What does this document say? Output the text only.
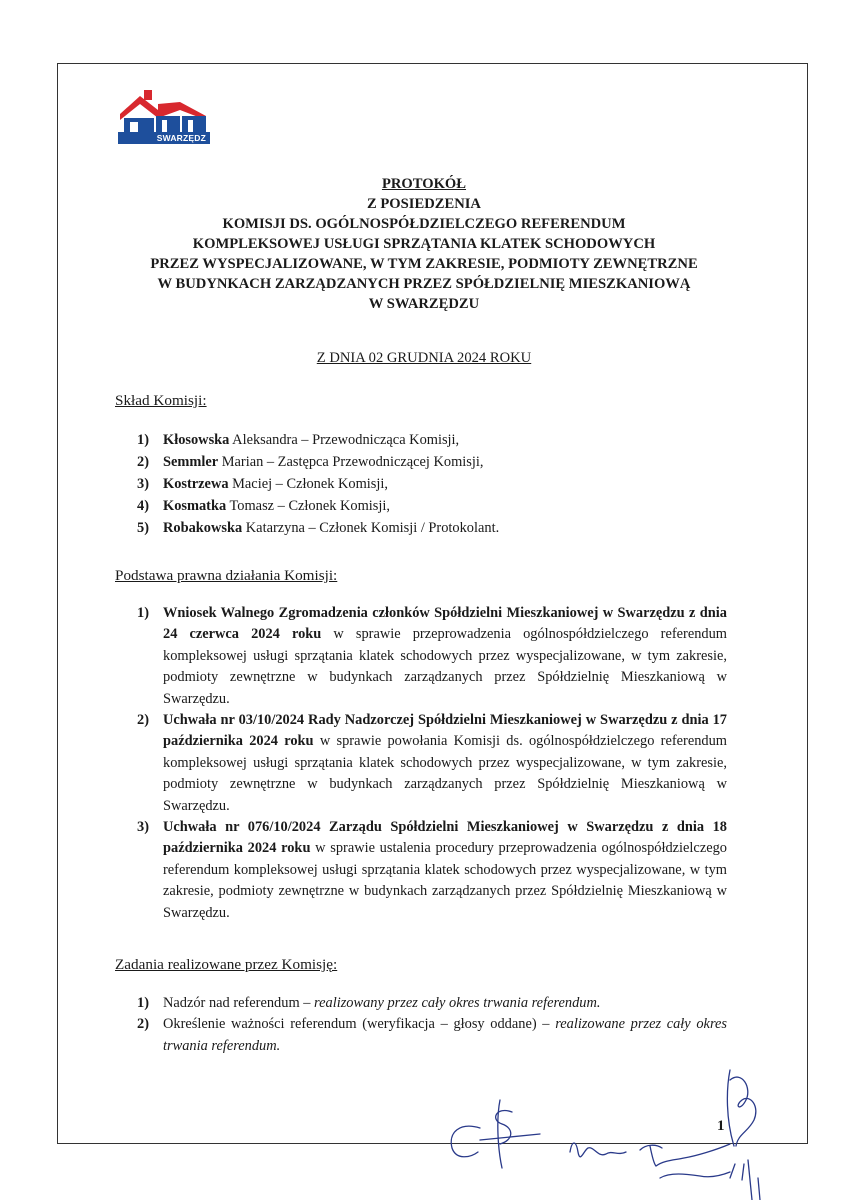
SWARZĘDZ
PROTOKÓŁ
Z POSIEDZENIA
KOMISJI DS. OGÓLNOSPÓŁDZIELCZEGO REFERENDUM
KOMPLEKSOWEJ USŁUGI SPRZĄTANIA KLATEK SCHODOWYCH
PRZEZ WYSPECJALIZOWANE, W TYM ZAKRESIE, PODMIOTY ZEWNĘTRZNE
W BUDYNKACH ZARZĄDZANYCH PRZEZ SPÓŁDZIELNIĘ MIESZKANIOWĄ
W SWARZĘDZU
Z DNIA 02 GRUDNIA 2024 ROKU
Skład Komisji:
1) Kłosowska Aleksandra – Przewodnicząca Komisji,
2) Semmler Marian – Zastępca Przewodniczącej Komisji,
3) Kostrzewa Maciej – Członek Komisji,
4) Kosmatka Tomasz – Członek Komisji,
5) Robakowska Katarzyna – Członek Komisji / Protokolant.
Podstawa prawna działania Komisji:
1) Wniosek Walnego Zgromadzenia członków Spółdzielni Mieszkaniowej w Swarzędzu z dnia 24 czerwca 2024 roku w sprawie przeprowadzenia ogólnospółdzielczego referendum kompleksowej usługi sprzątania klatek schodowych przez wyspecjalizowane, w tym zakresie, podmioty zewnętrzne w budynkach zarządzanych przez Spółdzielnię Mieszkaniową w Swarzędzu.
2) Uchwała nr 03/10/2024 Rady Nadzorczej Spółdzielni Mieszkaniowej w Swarzędzu z dnia 17 października 2024 roku w sprawie powołania Komisji ds. ogólnospółdzielczego referendum kompleksowej usługi sprzątania klatek schodowych przez wyspecjalizowane, w tym zakresie, podmioty zewnętrzne w budynkach zarządzanych przez Spółdzielnię Mieszkaniową w Swarzędzu.
3) Uchwała nr 076/10/2024 Zarządu Spółdzielni Mieszkaniowej w Swarzędzu z dnia 18 października 2024 roku w sprawie ustalenia procedury przeprowadzenia ogólnospółdzielczego referendum kompleksowej usługi sprzątania klatek schodowych przez wyspecjalizowane, w tym zakresie, podmioty zewnętrzne w budynkach zarządzanych przez Spółdzielnię Mieszkaniową w Swarzędzu.
Zadania realizowane przez Komisję:
1) Nadzór nad referendum – realizowany przez cały okres trwania referendum.
2) Określenie ważności referendum (weryfikacja – głosy oddane) – realizowane przez cały okres trwania referendum.
1
